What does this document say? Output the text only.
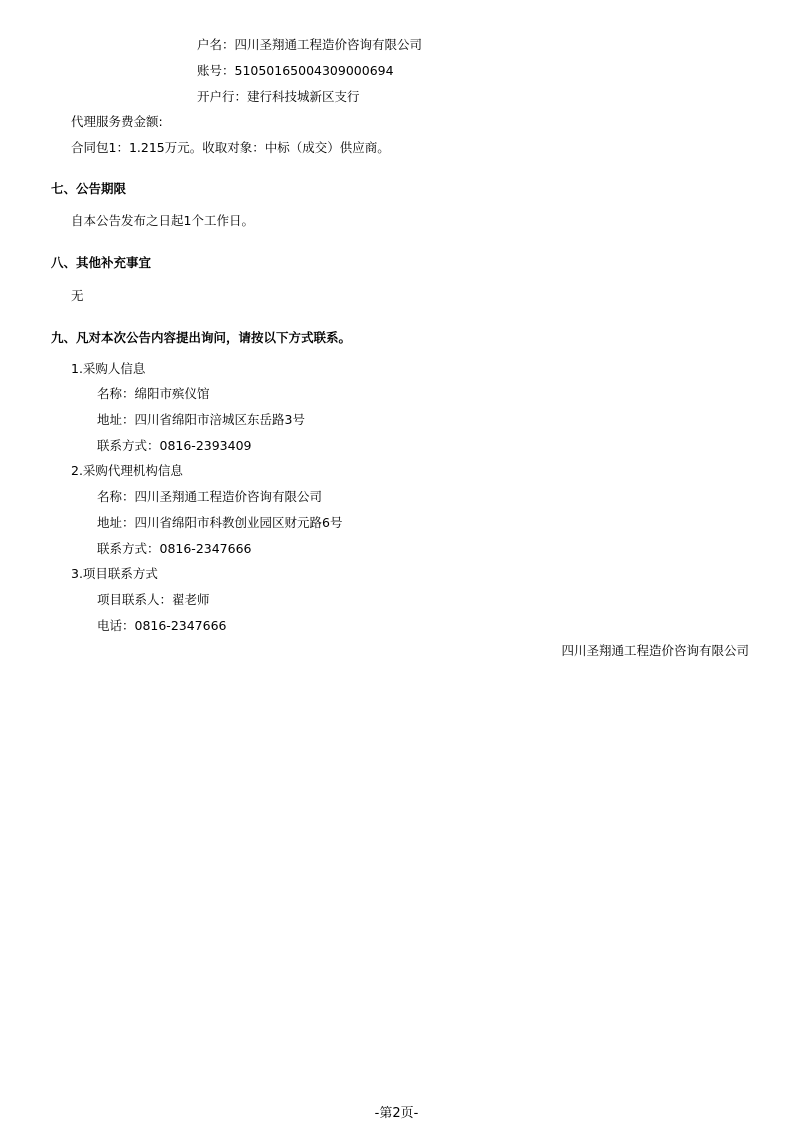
户名：四川圣翔通工程造价咨询有限公司
账号：51050165004309000694
开户行：建行科技城新区支行
代理服务费金额:
合同包1：1.215万元。收取对象：中标（成交）供应商。
七、公告期限
自本公告发布之日起1个工作日。
八、其他补充事宜
无
九、凡对本次公告内容提出询问，请按以下方式联系。
1.采购人信息
名称：绵阳市殡仪馆
地址：四川省绵阳市涪城区东岳路3号
联系方式：0816-2393409
2.采购代理机构信息
名称：四川圣翔通工程造价咨询有限公司
地址：四川省绵阳市科教创业园区财元路6号
联系方式：0816-2347666
3.项目联系方式
项目联系人：翟老师
电话：0816-2347666
四川圣翔通工程造价咨询有限公司
-第2页-
